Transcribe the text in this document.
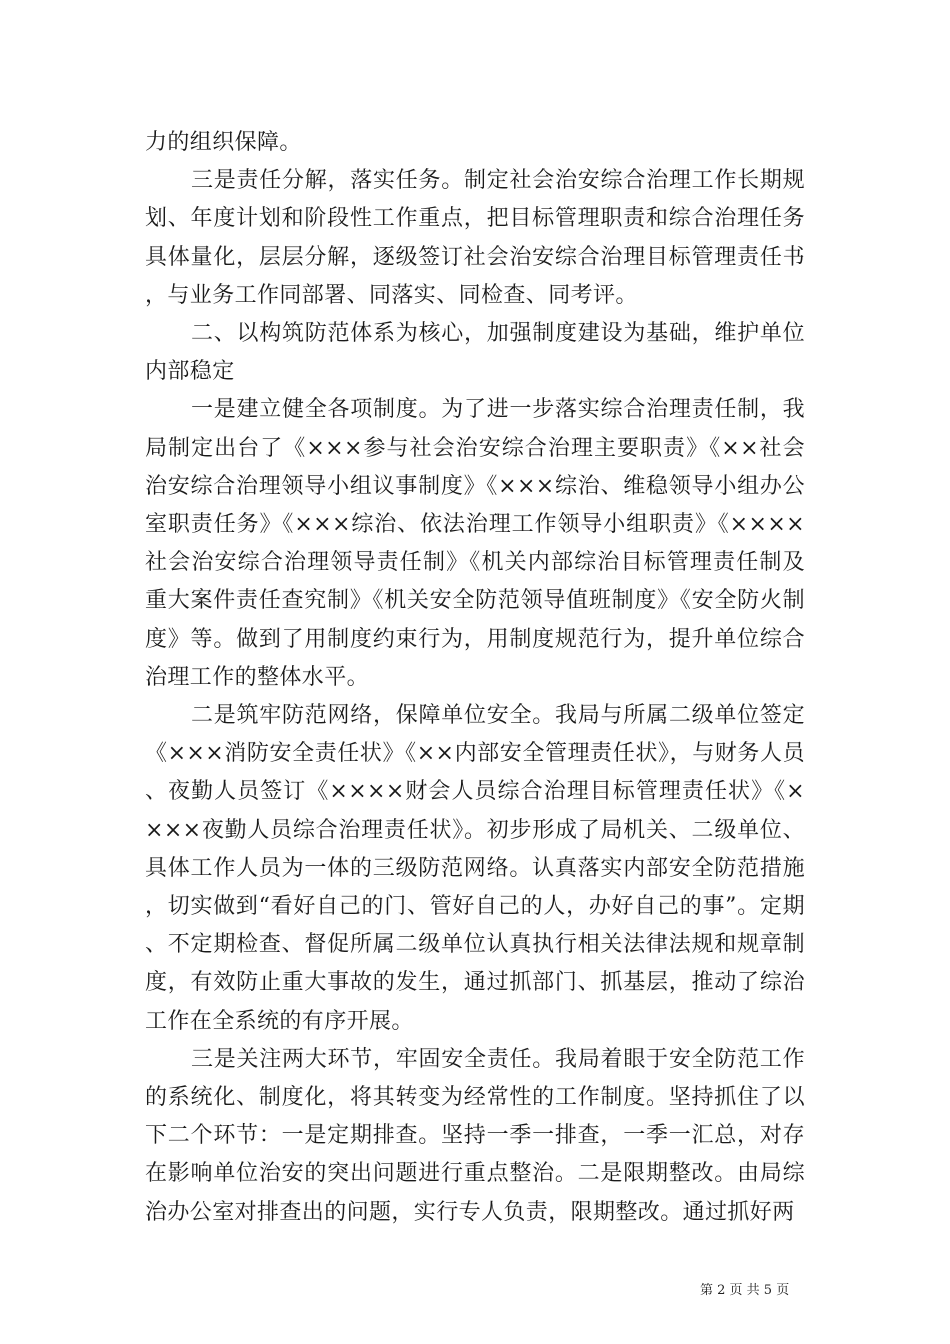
力的组织保障。

三是责任分解，落实任务。制定社会治安综合治理工作长期规划、年度计划和阶段性工作重点，把目标管理职责和综合治理任务具体量化，层层分解，逐级签订社会治安综合治理目标管理责任书，与业务工作同部署、同落实、同检查、同考评。

二、以构筑防范体系为核心，加强制度建设为基础，维护单位内部稳定

一是建立健全各项制度。为了进一步落实综合治理责任制，我局制定出台了《×××参与社会治安综合治理主要职责》《××社会治安综合治理领导小组议事制度》《×××综治、维稳领导小组办公室职责任务》《×××综治、依法治理工作领导小组职责》《××××社会治安综合治理领导责任制》《机关内部综治目标管理责任制及重大案件责任查究制》《机关安全防范领导值班制度》《安全防火制度》等。做到了用制度约束行为，用制度规范行为，提升单位综合治理工作的整体水平。

二是筑牢防范网络，保障单位安全。我局与所属二级单位签定《×××消防安全责任状》《××内部安全管理责任状》，与财务人员、夜勤人员签订《××××财会人员综合治理目标管理责任状》《××××夜勤人员综合治理责任状》。初步形成了局机关、二级单位、具体工作人员为一体的三级防范网络。认真落实内部安全防范措施，切实做到“看好自己的门、管好自己的人，办好自己的事”。定期、不定期检查、督促所属二级单位认真执行相关法律法规和规章制度，有效防止重大事故的发生，通过抓部门、抓基层，推动了综治工作在全系统的有序开展。

三是关注两大环节，牢固安全责任。我局着眼于安全防范工作的系统化、制度化，将其转变为经常性的工作制度。坚持抓住了以下二个环节：一是定期排查。坚持一季一排查，一季一汇总，对存在影响单位治安的突出问题进行重点整治。二是限期整改。由局综治办公室对排查出的问题，实行专人负责，限期整改。通过抓好两

第 2 页 共 5 页
